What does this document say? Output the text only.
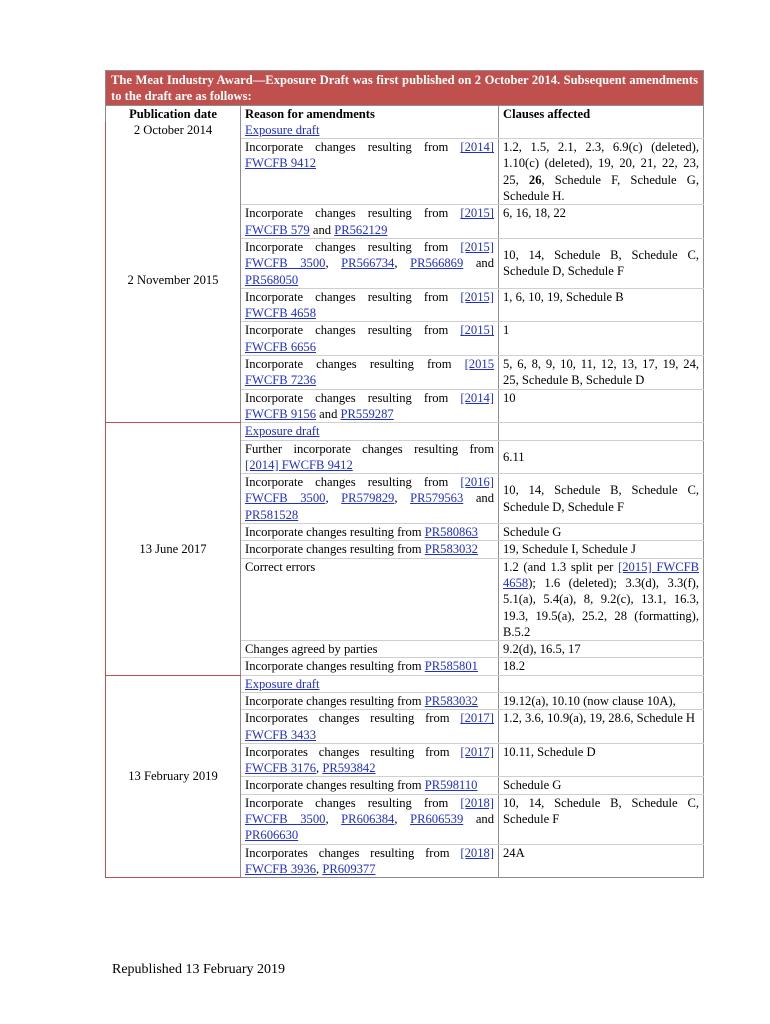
The Meat Industry Award—Exposure Draft was first published on 2 October 2014. Subsequent amendments to the draft are as follows:		
Publication date	Reason for amendments	Clauses affected
2 October 2014	Exposure draft	
2 November 2015	Incorporate changes resulting from [2014] FWCFB 9412	1.2, 1.5, 2.1, 2.3, 6.9(c) (deleted), 1.10(c) (deleted), 19, 20, 21, 22, 23, 25, 26, Schedule F, Schedule G, Schedule H.
	Incorporate changes resulting from [2015] FWCFB 579 and PR562129	6, 16, 18, 22
	Incorporate changes resulting from [2015] FWCFB 3500, PR566734, PR566869 and PR568050	10, 14, Schedule B, Schedule C, Schedule D, Schedule F
	Incorporate changes resulting from [2015] FWCFB 4658	1, 6, 10, 19, Schedule B
	Incorporate changes resulting from [2015] FWCFB 6656	1
	Incorporate changes resulting from [2015 FWCFB 7236	5, 6, 8, 9, 10, 11, 12, 13, 17, 19, 24, 25, Schedule B, Schedule D
	Incorporate changes resulting from [2014] FWCFB 9156 and PR559287	10
13 June 2017	Exposure draft	
	Further incorporate changes resulting from [2014] FWCFB 9412	6.11
	Incorporate changes resulting from [2016] FWCFB 3500, PR579829, PR579563 and PR581528	10, 14, Schedule B, Schedule C, Schedule D, Schedule F
	Incorporate changes resulting from PR580863	Schedule G
	Incorporate changes resulting from PR583032	19, Schedule I, Schedule J
	Correct errors	1.2 (and 1.3 split per [2015] FWCFB 4658); 1.6 (deleted); 3.3(d), 3.3(f), 5.1(a), 5.4(a), 8, 9.2(c), 13.1, 16.3, 19.3, 19.5(a), 25.2, 28 (formatting), B.5.2
	Changes agreed by parties	9.2(d), 16.5, 17
	Incorporate changes resulting from PR585801	18.2
13 February 2019	Exposure draft	
	Incorporate changes resulting from PR583032	19.12(a), 10.10 (now clause 10A),
	Incorporates changes resulting from [2017] FWCFB 3433	1.2, 3.6, 10.9(a), 19, 28.6, Schedule H
	Incorporates changes resulting from [2017] FWCFB 3176, PR593842	10.11, Schedule D
	Incorporate changes resulting from PR598110	Schedule G
	Incorporate changes resulting from [2018] FWCFB 3500, PR606384, PR606539 and PR606630	10, 14, Schedule B, Schedule C, Schedule F
	Incorporates changes resulting from [2018] FWCFB 3936, PR609377	24A
Republished 13 February 2019
